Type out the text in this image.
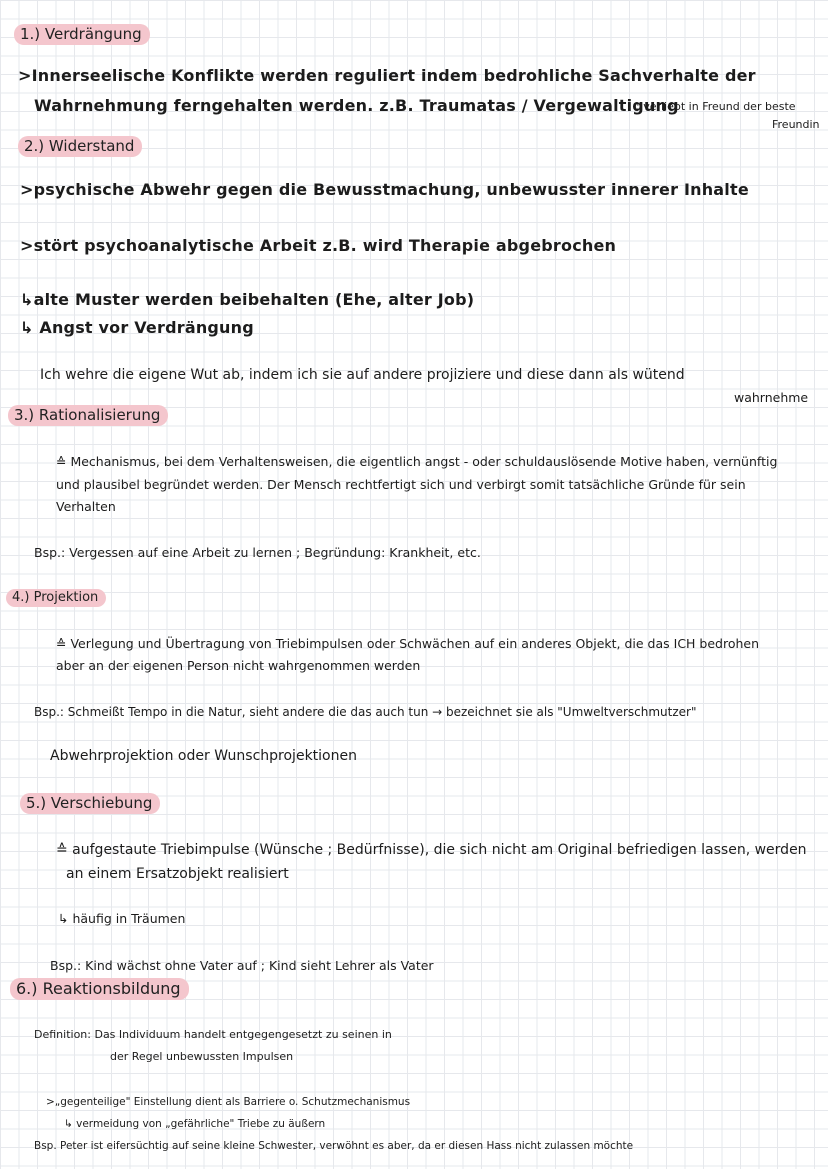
1.) Verdrängung
>Innerseelische Konflikte werden reguliert indem bedrohliche Sachverhalte der
Wahrnehmung ferngehalten werden. z.B. Traumatas / Vergewaltigung
; verliebt in Freund der beste
Freundin
2.) Widerstand
>psychische Abwehr gegen die Bewusstmachung, unbewusster innerer Inhalte
>stört psychoanalytische Arbeit z.B. wird Therapie abgebrochen
↳alte Muster werden beibehalten (Ehe, alter Job)
↳ Angst vor Verdrängung
Ich wehre die eigene Wut ab, indem ich sie auf andere projiziere und diese dann als wütend
wahrnehme
3.) Rationalisierung
≙ Mechanismus, bei dem Verhaltensweisen, die eigentlich angst - oder schuldauslösende Motive haben, vernünftig
und plausibel begründet werden. Der Mensch rechtfertigt sich und verbirgt somit tatsächliche Gründe für sein
Verhalten
Bsp.: Vergessen auf eine Arbeit zu lernen ; Begründung: Krankheit, etc.
4.) Projektion
≙ Verlegung und Übertragung von Triebimpulsen oder Schwächen auf ein anderes Objekt, die das ICH bedrohen
aber an der eigenen Person nicht wahrgenommen werden
Bsp.: Schmeißt Tempo in die Natur, sieht andere die das auch tun → bezeichnet sie als "Umweltverschmutzer"
Abwehrprojektion oder Wunschprojektionen
5.) Verschiebung
≙ aufgestaute Triebimpulse (Wünsche ; Bedürfnisse), die sich nicht am Original befriedigen lassen, werden
an einem Ersatzobjekt realisiert
↳ häufig in Träumen
Bsp.: Kind wächst ohne Vater auf ; Kind sieht Lehrer als Vater
6.) Reaktionsbildung
Definition: Das Individuum handelt entgegengesetzt zu seinen in
der Regel unbewussten Impulsen
>„gegenteilige" Einstellung dient als Barriere o. Schutzmechanismus
↳ vermeidung von „gefährliche" Triebe zu äußern
Bsp. Peter ist eifersüchtig auf seine kleine Schwester, verwöhnt es aber, da er diesen Hass nicht zulassen möchte
